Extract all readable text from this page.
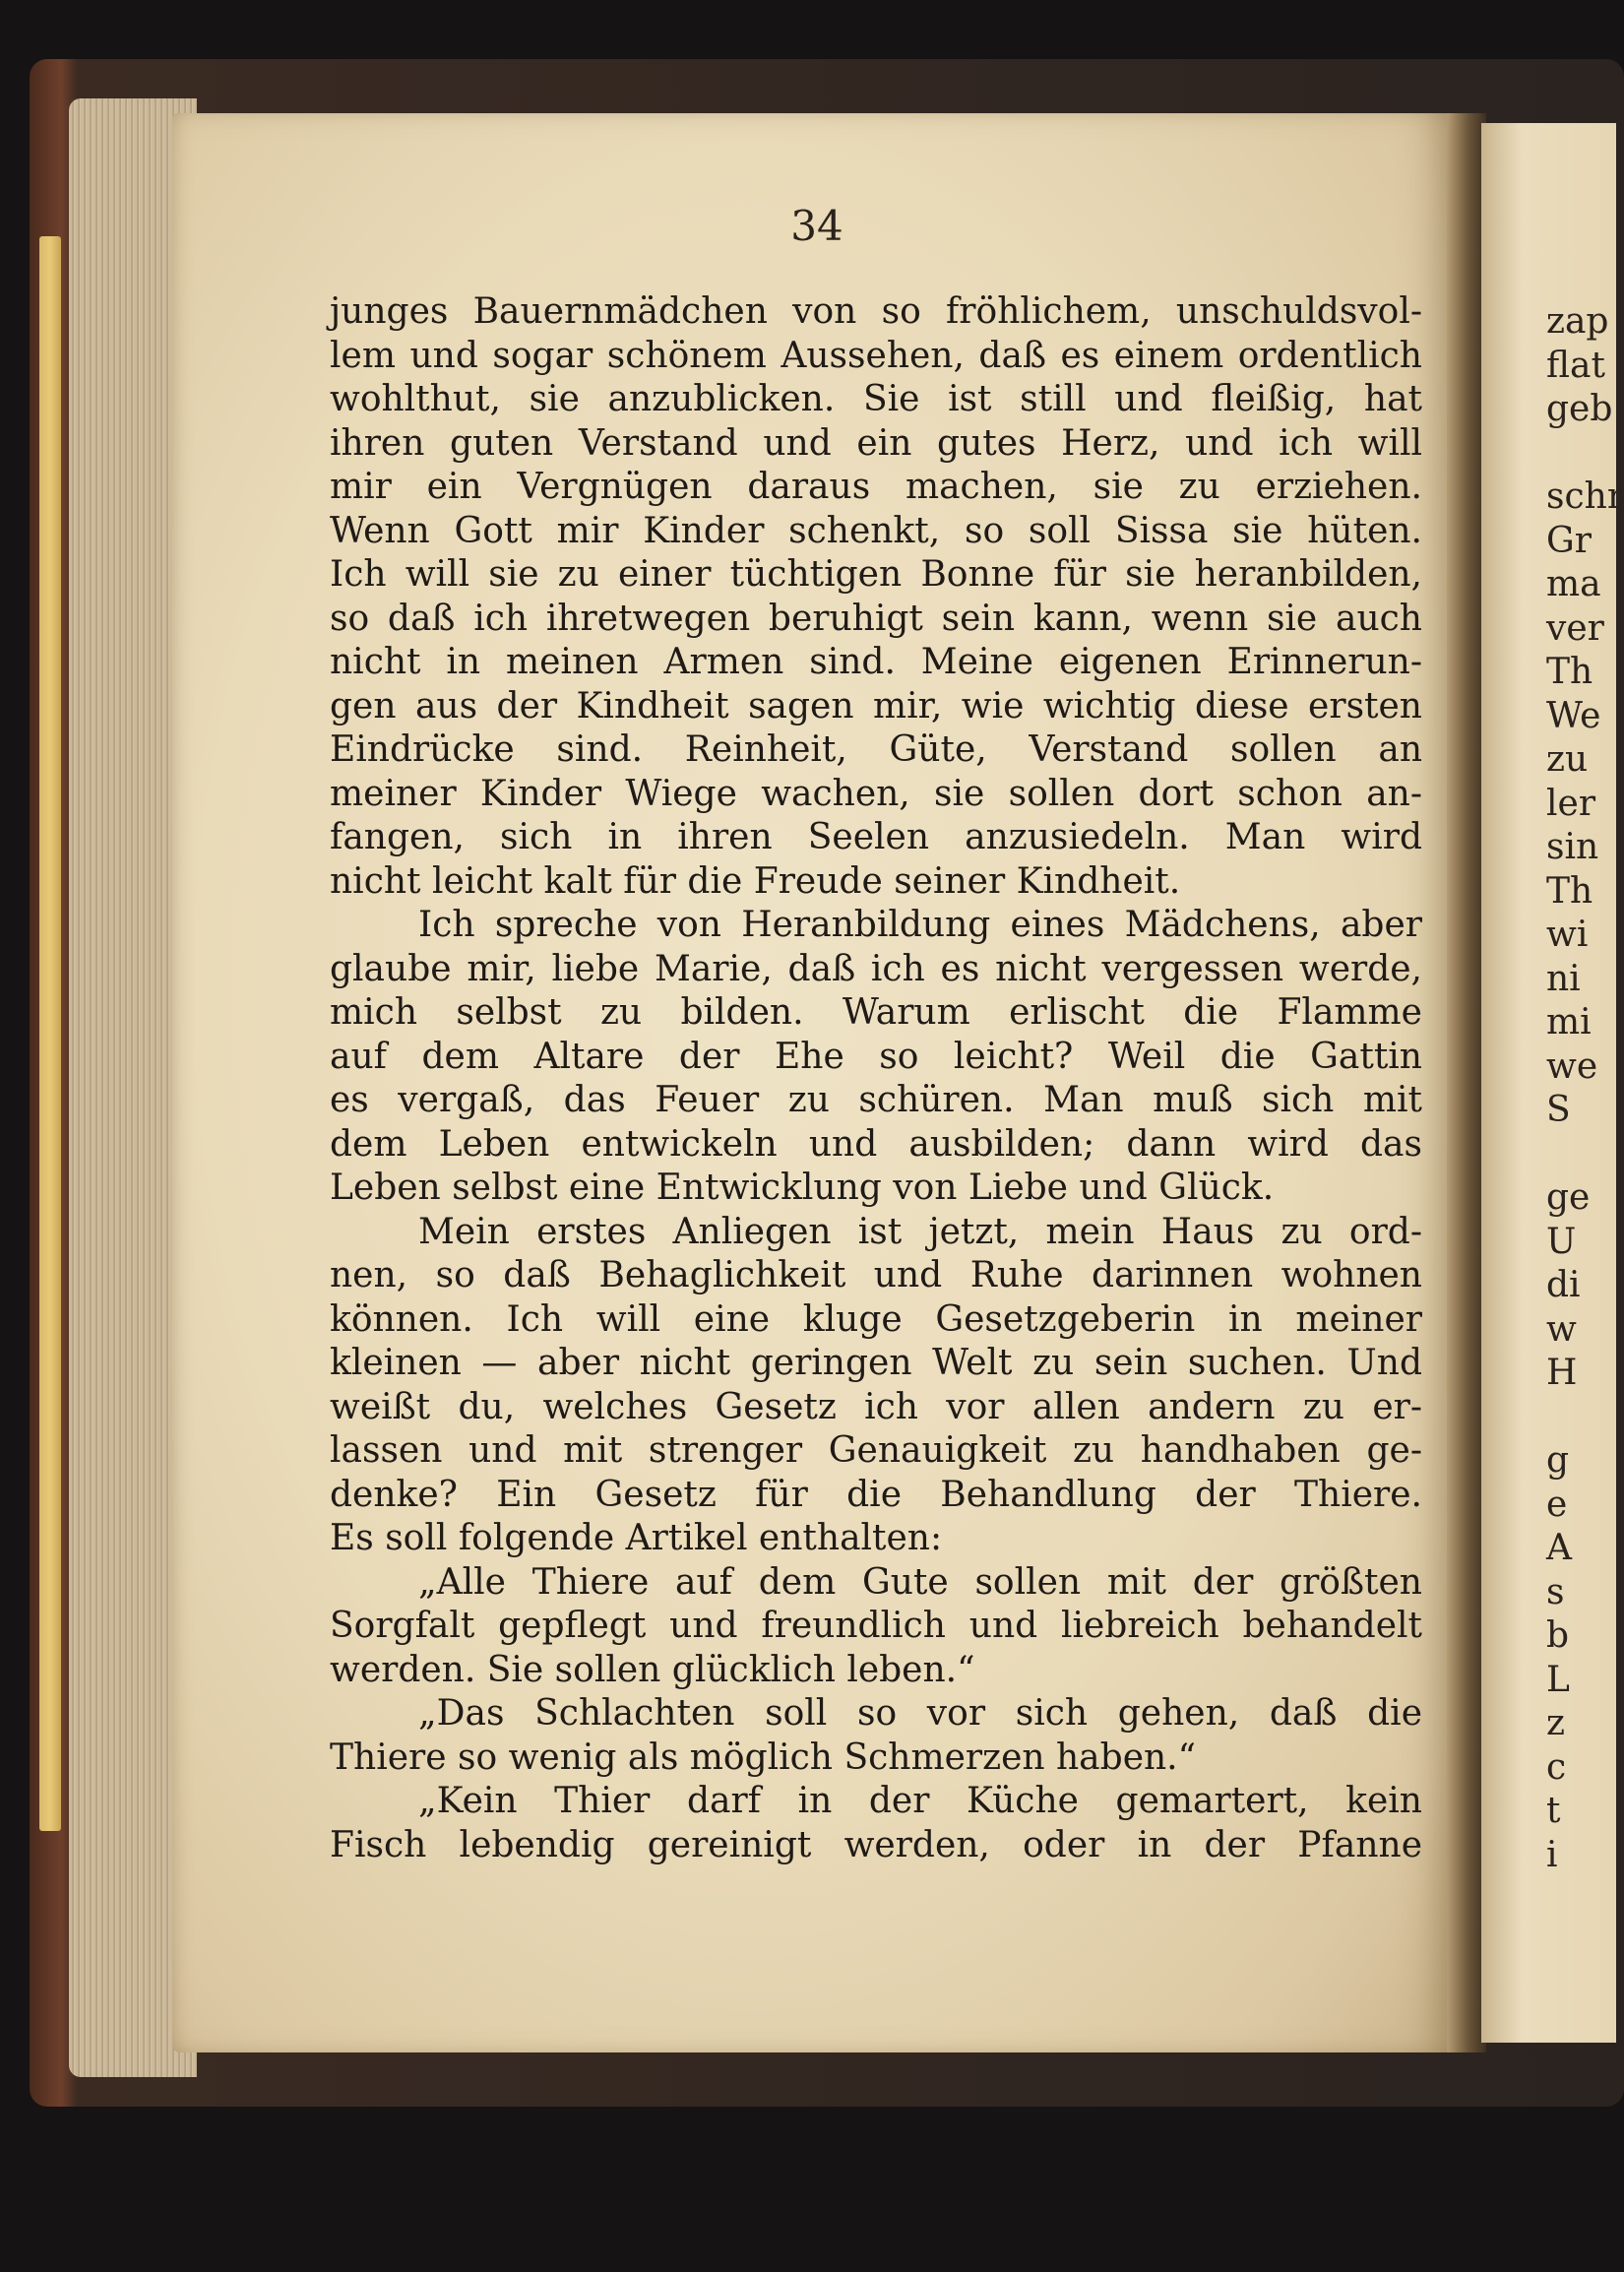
34
junges Bauernmädchen von so fröhlichem, unschuldsvol-
lem und sogar schönem Aussehen, daß es einem ordentlich
wohlthut, sie anzublicken. Sie ist still und fleißig, hat
ihren guten Verstand und ein gutes Herz, und ich will
mir ein Vergnügen daraus machen, sie zu erziehen.
Wenn Gott mir Kinder schenkt, so soll Sissa sie hüten.
Ich will sie zu einer tüchtigen Bonne für sie heranbilden,
so daß ich ihretwegen beruhigt sein kann, wenn sie auch
nicht in meinen Armen sind. Meine eigenen Erinnerun-
gen aus der Kindheit sagen mir, wie wichtig diese ersten
Eindrücke sind. Reinheit, Güte, Verstand sollen an
meiner Kinder Wiege wachen, sie sollen dort schon an-
fangen, sich in ihren Seelen anzusiedeln. Man wird
nicht leicht kalt für die Freude seiner Kindheit.
Ich spreche von Heranbildung eines Mädchens, aber
glaube mir, liebe Marie, daß ich es nicht vergessen werde,
mich selbst zu bilden. Warum erlischt die Flamme
auf dem Altare der Ehe so leicht? Weil die Gattin
es vergaß, das Feuer zu schüren. Man muß sich mit
dem Leben entwickeln und ausbilden; dann wird das
Leben selbst eine Entwicklung von Liebe und Glück.
Mein erstes Anliegen ist jetzt, mein Haus zu ord-
nen, so daß Behaglichkeit und Ruhe darinnen wohnen
können. Ich will eine kluge Gesetzgeberin in meiner
kleinen — aber nicht geringen Welt zu sein suchen. Und
weißt du, welches Gesetz ich vor allen andern zu er-
lassen und mit strenger Genauigkeit zu handhaben ge-
denke? Ein Gesetz für die Behandlung der Thiere.
Es soll folgende Artikel enthalten:
„Alle Thiere auf dem Gute sollen mit der größten
Sorgfalt gepflegt und freundlich und liebreich behandelt
werden. Sie sollen glücklich leben.“
„Das Schlachten soll so vor sich gehen, daß die
Thiere so wenig als möglich Schmerzen haben.“
„Kein Thier darf in der Küche gemartert, kein
Fisch lebendig gereinigt werden, oder in der Pfanne
zap
flat
geb
schr
Gr
ma
ver
Th
We
zu
ler
sin
Th
wi
ni
mi
we
S
ge
U
di
w
H
g
e
A
s
b
L
z
c
t
i
